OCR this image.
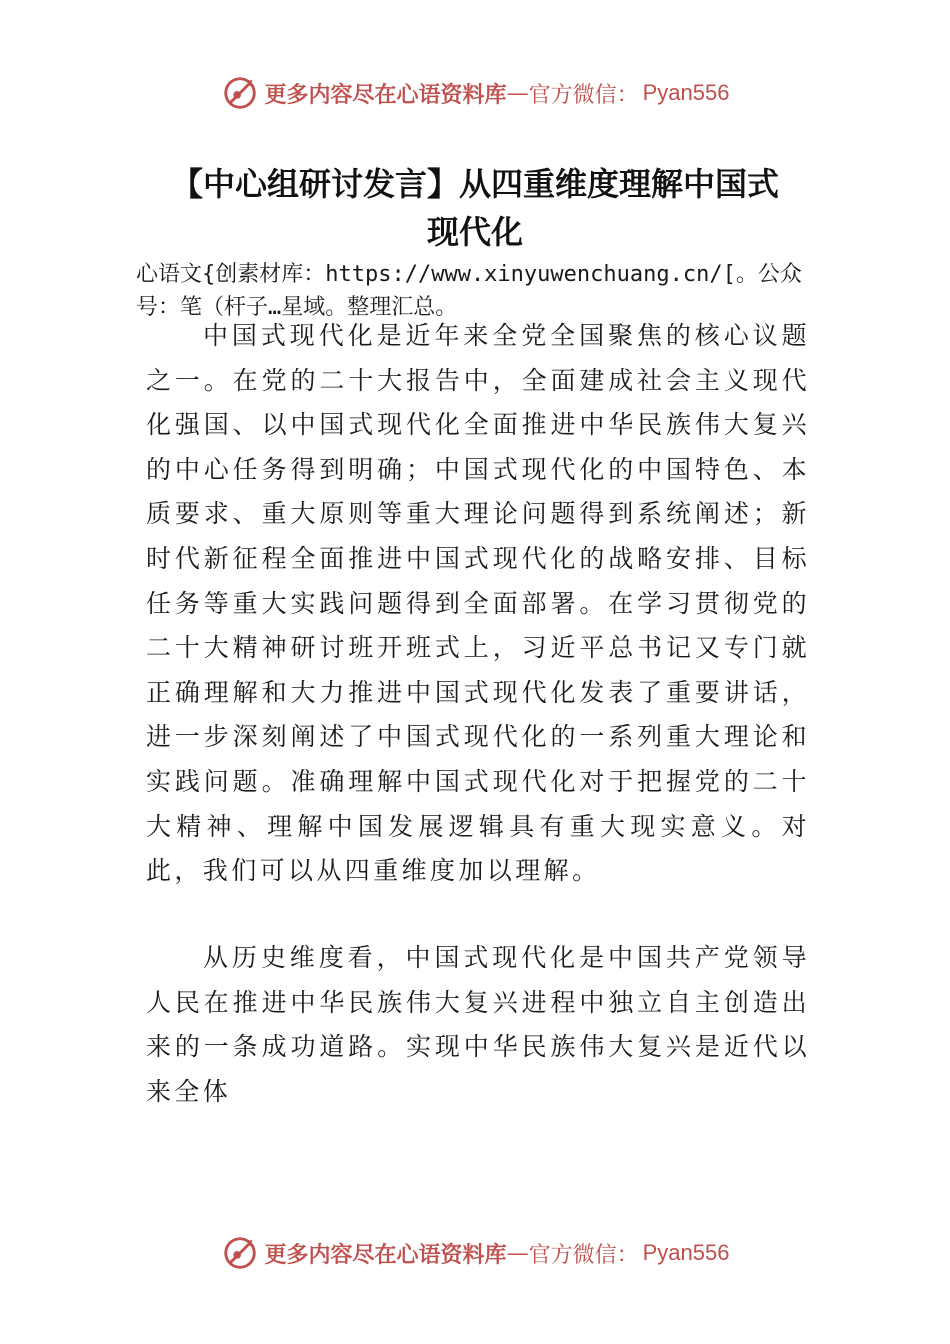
更多内容尽在心语资料库 — 官方微信： Pyan556
【中心组研讨发言】从四重维度理解中国式
现代化
心语文{创素材库：https://www.xinyuwenchuang.cn/[。公众号：笔（杆子…星域。整理汇总。
中国式现代化是近年来全党全国聚焦的核心议题之一。在党的二十大报告中，全面建成社会主义现代化强国、以中国式现代化全面推进中华民族伟大复兴的中心任务得到明确；中国式现代化的中国特色、本质要求、重大原则等重大理论问题得到系统阐述；新时代新征程全面推进中国式现代化的战略安排、目标任务等重大实践问题得到全面部署。在学习贯彻党的二十大精神研讨班开班式上，习近平总书记又专门就正确理解和大力推进中国式现代化发表了重要讲话，进一步深刻阐述了中国式现代化的一系列重大理论和实践问题。准确理解中国式现代化对于把握党的二十大精神、理解中国发展逻辑具有重大现实意义。对此，我们可以从四重维度加以理解。
从历史维度看，中国式现代化是中国共产党领导人民在推进中华民族伟大复兴进程中独立自主创造出来的一条成功道路。实现中华民族伟大复兴是近代以来全体
更多内容尽在心语资料库 — 官方微信： Pyan556
